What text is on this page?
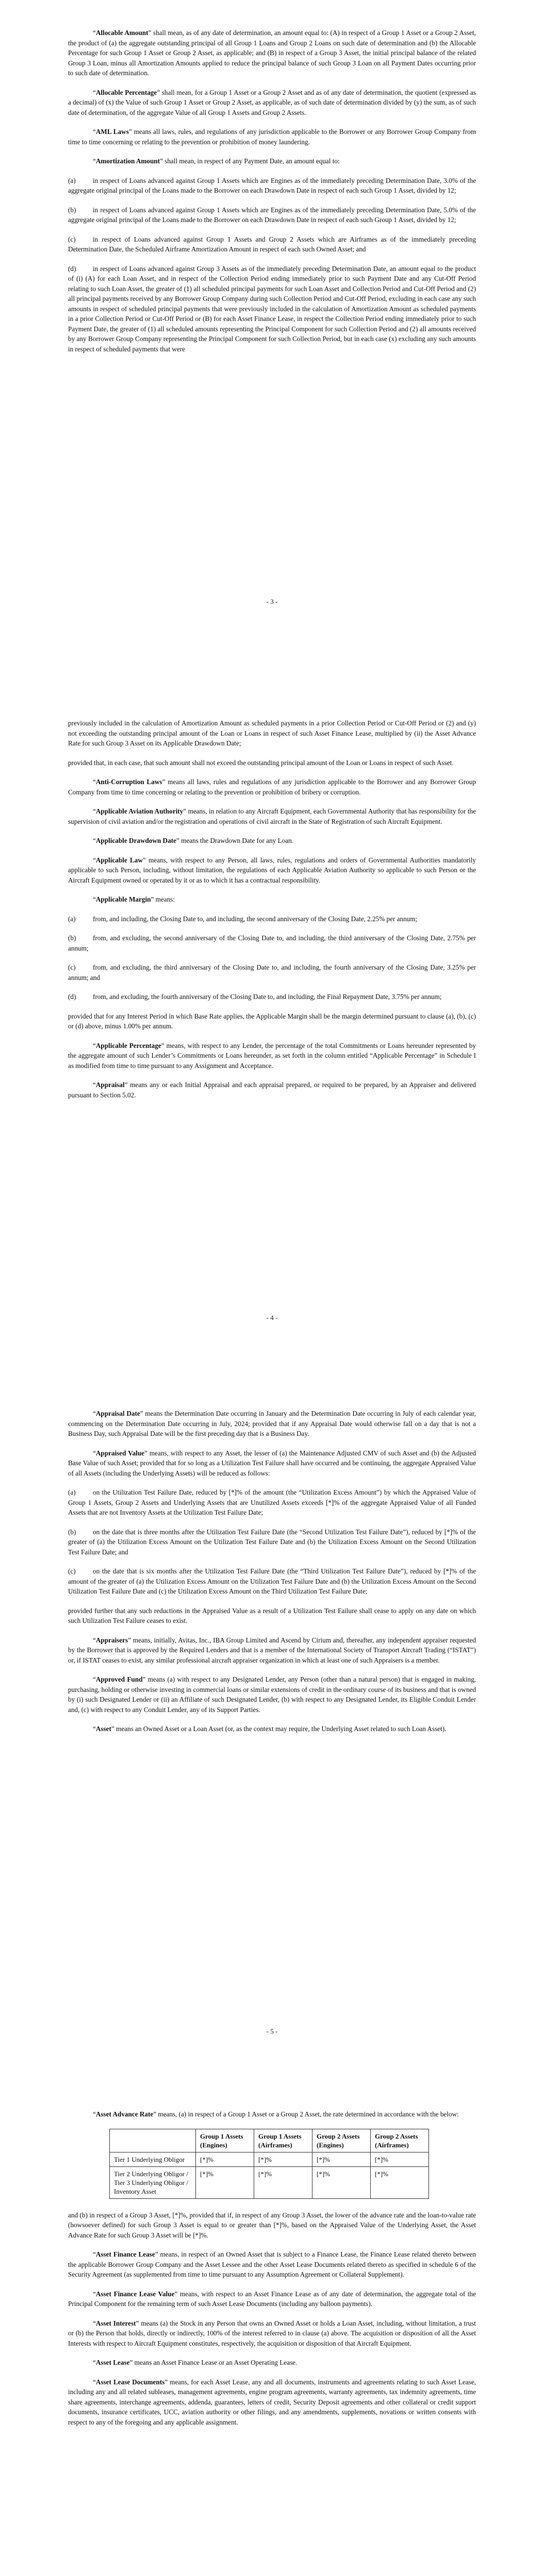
“Allocable Amount” shall mean, as of any date of determination, an amount equal to: (A) in respect of a Group 1 Asset or a Group 2 Asset, the product of (a) the aggregate outstanding principal of all Group 1 Loans and Group 2 Loans on such date of determination and (b) the Allocable Percentage for such Group 1 Asset or Group 2 Asset, as applicable; and (B) in respect of a Group 3 Asset, the initial principal balance of the related Group 3 Loan, minus all Amortization Amounts applied to reduce the principal balance of such Group 3 Loan on all Payment Dates occurring prior to such date of determination.

“Allocable Percentage” shall mean, for a Group 1 Asset or a Group 2 Asset and as of any date of determination, the quotient (expressed as a decimal) of (x) the Value of such Group 1 Asset or Group 2 Asset, as applicable, as of such date of determination divided by (y) the sum, as of such date of determination, of the aggregate Value of all Group 1 Assets and Group 2 Assets.

“AML Laws” means all laws, rules, and regulations of any jurisdiction applicable to the Borrower or any Borrower Group Company from time to time concerning or relating to the prevention or prohibition of money laundering.

“Amortization Amount” shall mean, in respect of any Payment Date, an amount equal to:

(a)	in respect of Loans advanced against Group 1 Assets which are Engines as of the immediately preceding Determination Date, 3.0% of the aggregate original principal of the Loans made to the Borrower on each Drawdown Date in respect of each such Group 1 Asset, divided by 12;

(b) in respect of Loans advanced against Group 1 Assets which are Engines as of the immediately preceding Determination Date, 5.0% of the aggregate original principal of the Loans made to the Borrower on each Drawdown Date in respect of each such Group 1 Asset, divided by 12;

(c)	in respect of Loans advanced against Group 1 Assets and Group 2 Assets which are Airframes as of the immediately preceding Determination Date, the Scheduled Airframe Amortization Amount in respect of each such Owned Asset; and

(d) in respect of Loans advanced against Group 3 Assets as of the immediately preceding Determination Date, an amount equal to the product of (i) (A) for each Loan Asset, and in respect of the Collection Period ending immediately prior to such Payment Date and any Cut-Off Period relating to such Loan Asset, the greater of (1) all scheduled principal payments for such Loan Asset and Collection Period and Cut-Off Period and (2) all principal payments received by any Borrower Group Company during such Collection Period and Cut-Off Period, excluding in each case any such amounts in respect of scheduled principal payments that were previously included in the calculation of Amortization Amount as scheduled payments in a prior Collection Period or Cut-Off Period or (B) for each Asset Finance Lease, in respect the Collection Period ending immediately prior to such Payment Date, the greater of (1) all scheduled amounts representing the Principal Component for such Collection Period and (2) all amounts received by any Borrower Group Company representing the Principal Component for such Collection Period, but in each case (x) excluding any such amounts in respect of scheduled payments that were

- 3 -

previously included in the calculation of Amortization Amount as scheduled payments in a prior Collection Period or Cut-Off Period or (2) and (y) not exceeding the outstanding principal amount of the Loan or Loans in respect of such Asset Finance Lease, multiplied by (ii) the Asset Advance Rate for such Group 3 Asset on its Applicable Drawdown Date;

provided that, in each case, that such amount shall not exceed the outstanding principal amount of the Loan or Loans in respect of such Asset.

“Anti-Corruption Laws” means all laws, rules and regulations of any jurisdiction applicable to the Borrower and any Borrower Group Company from time to time concerning or relating to the prevention or prohibition of bribery or corruption.

“Applicable Aviation Authority” means, in relation to any Aircraft Equipment, each Governmental Authority that has responsibility for the supervision of civil aviation and/or the registration and operations of civil aircraft in the State of Registration of such Aircraft Equipment.

“Applicable Drawdown Date” means the Drawdown Date for any Loan.

“Applicable Law” means, with respect to any Person, all laws, rules, regulations and orders of Governmental Authorities mandatorily applicable to such Person, including, without limitation, the regulations of each Applicable Aviation Authority so applicable to such Person or the Aircraft Equipment owned or operated by it or as to which it has a contractual responsibility.

“Applicable Margin” means:

(a)	from, and including, the Closing Date to, and including, the second anniversary of the Closing Date, 2.25% per annum;

(b) from, and excluding, the second anniversary of the Closing Date to, and including, the third anniversary of the Closing Date, 2.75% per annum;

(c)	from, and excluding, the third anniversary of the Closing Date to, and including, the fourth anniversary of the Closing Date, 3.25% per annum; and

(d) from, and excluding, the fourth anniversary of the Closing Date to, and including, the Final Repayment Date, 3.75% per annum;

provided that for any Interest Period in which Base Rate applies, the Applicable Margin shall be the margin determined pursuant to clause (a), (b), (c) or (d) above, minus 1.00% per annum.

“Applicable Percentage” means, with respect to any Lender, the percentage of the total Commitments or Loans hereunder represented by the aggregate amount of such Lender’s Commitments or Loans hereunder, as set forth in the column entitled “Applicable Percentage” in Schedule I as modified from time to time pursuant to any Assignment and Acceptance.

“Appraisal” means any or each Initial Appraisal and each appraisal prepared, or required to be prepared, by an Appraiser and delivered pursuant to Section 5.02.

- 4 -

“Appraisal Date” means the Determination Date occurring in January and the Determination Date occurring in July of each calendar year, commencing on the Determination Date occurring in July, 2024; provided that if any Appraisal Date would otherwise fall on a day that is not a Business Day, such Appraisal Date will be the first preceding day that is a Business Day.

“Appraised Value” means, with respect to any Asset, the lesser of (a) the Maintenance Adjusted CMV of such Asset and (b) the Adjusted Base Value of such Asset; provided that for so long as a Utilization Test Failure shall have occurred and be continuing, the aggregate Appraised Value of all Assets (including the Underlying Assets) will be reduced as follows:

(a)	on the Utilization Test Failure Date, reduced by [*]% of the amount (the “Utilization Excess Amount”) by which the Appraised Value of Group 1 Assets, Group 2 Assets and Underlying Assets that are Unutilized Assets exceeds [*]% of the aggregate Appraised Value of all Funded Assets that are not Inventory Assets at the Utilization Test Failure Date;

(b) on the date that is three months after the Utilization Test Failure Date (the “Second Utilization Test Failure Date”), reduced by [*]% of the greater of (a) the Utilization Excess Amount on the Utilization Test Failure Date and (b) the Utilization Excess Amount on the Second Utilization Test Failure Date; and

(c)	on the date that is six months after the Utilization Test Failure Date (the “Third Utilization Test Failure Date”), reduced by [*]% of the amount of the greater of (a) the Utilization Excess Amount on the Utilization Test Failure Date and (b) the Utilization Excess Amount on the Second Utilization Test Failure Date and (c) the Utilization Excess Amount on the Third Utilization Test Failure Date;

provided further that any such reductions in the Appraised Value as a result of a Utilization Test Failure shall cease to apply on any date on which such Utilization Test Failure ceases to exist.

“Appraisers” means, initially, Avitas, Inc., IBA Group Limited and Ascend by Cirium and, thereafter, any independent appraiser requested by the Borrower that is approved by the Required Lenders and that is a member of the International Society of Transport Aircraft Trading (“ISTAT”) or, if ISTAT ceases to exist, any similar professional aircraft appraiser organization in which at least one of such Appraisers is a member.

“Approved Fund” means (a) with respect to any Designated Lender, any Person (other than a natural person) that is engaged in making, purchasing, holding or otherwise investing in commercial loans or similar extensions of credit in the ordinary course of its business and that is owned by (i) such Designated Lender or (ii) an Affiliate of such Designated Lender, (b) with respect to any Designated Lender, its Eligible Conduit Lender and, (c) with respect to any Conduit Lender, any of its Support Parties.

“Asset” means an Owned Asset or a Loan Asset (or, as the context may require, the Underlying Asset related to such Loan Asset).

- 5 -

“Asset Advance Rate” means, (a) in respect of a Group 1 Asset or a Group 2 Asset, the rate determined in accordance with the below:

	Group 1 Assets (Engines)	Group 1 Assets (Airframes)	Group 2 Assets (Engines)	Group 2 Assets (Airframes)
Tier 1 Underlying Obligor	[*]%	[*]%	[*]%	[*]%
Tier 2 Underlying Obligor / Tier 3 Underlying Obligor / Inventory Asset	[*]%	[*]%	[*]%	[*]%

and (b) in respect of a Group 3 Asset, [*]%, provided that if, in respect of any Group 3 Asset, the lower of the advance rate and the loan-to-value rate (howsoever defined) for such Group 3 Asset is equal to or greater than [*]%, based on the Appraised Value of the Underlying Asset, the Asset Advance Rate for such Group 3 Asset will be [*]%.

“Asset Finance Lease” means, in respect of an Owned Asset that is subject to a Finance Lease, the Finance Lease related thereto between the applicable Borrower Group Company and the Asset Lessee and the other Asset Lease Documents related thereto as specified in schedule 6 of the Security Agreement (as supplemented from time to time pursuant to any Assumption Agreement or Collateral Supplement).

“Asset Finance Lease Value” means, with respect to an Asset Finance Lease as of any date of determination, the aggregate total of the Principal Component for the remaining term of such Asset Lease Documents (including any balloon payments).

“Asset Interest” means (a) the Stock in any Person that owns an Owned Asset or holds a Loan Asset, including, without limitation, a trust or (b) the Person that holds, directly or indirectly, 100% of the interest referred to in clause (a) above. The acquisition or disposition of all the Asset Interests with respect to Aircraft Equipment constitutes, respectively, the acquisition or disposition of that Aircraft Equipment.

“Asset Lease” means an Asset Finance Lease or an Asset Operating Lease.

“Asset Lease Documents” means, for each Asset Lease, any and all documents, instruments and agreements relating to such Asset Lease, including any and all related subleases, management agreements, engine program agreements, warranty agreements, tax indemnity agreements, time share agreements, interchange agreements, addenda, guarantees, letters of credit, Security Deposit agreements and other collateral or credit support documents, insurance certificates, UCC, aviation authority or other filings, and any amendments, supplements, novations or written consents with respect to any of the foregoing and any applicable assignment.
